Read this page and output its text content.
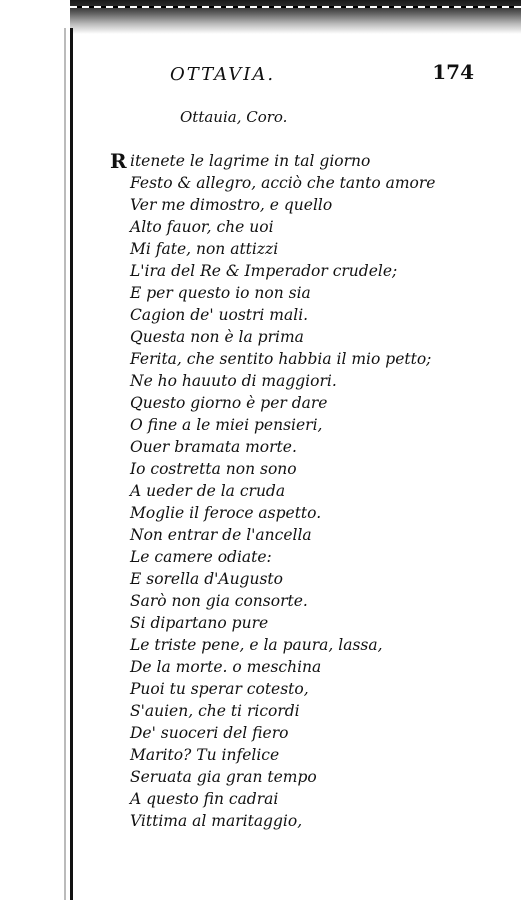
OTTAVIA.	174
Ottauia, Coro.
R itenete le lagrime in tal giorno
Festo & allegro, acciò che tanto amore
Ver me dimostro, e quello
Alto fauor, che uoi
Mi fate, non attizzi
L'ira del Re & Imperador crudele;
E per questo io non sia
Cagion de' uostri mali.
Questa non è la prima
Ferita, che sentito habbia il mio petto;
Ne ho hauuto di maggiori.
Questo giorno è per dare
O fine a le miei pensieri,
Ouer bramata morte.
Io costretta non sono
A ueder de la cruda
Moglie il feroce aspetto.
Non entrar de l'ancella
Le camere odiate:
E sorella d'Augusto
Sarò non gia consorte.
Si dipartano pure
Le triste pene, e la paura, lassa,
De la morte. o meschina
Puoi tu sperar cotesto,
S'auien, che ti ricordi
De' suoceri del fiero
Marito? Tu infelice
Seruata gia gran tempo
A questo fin cadrai
Vittima al maritaggio,
